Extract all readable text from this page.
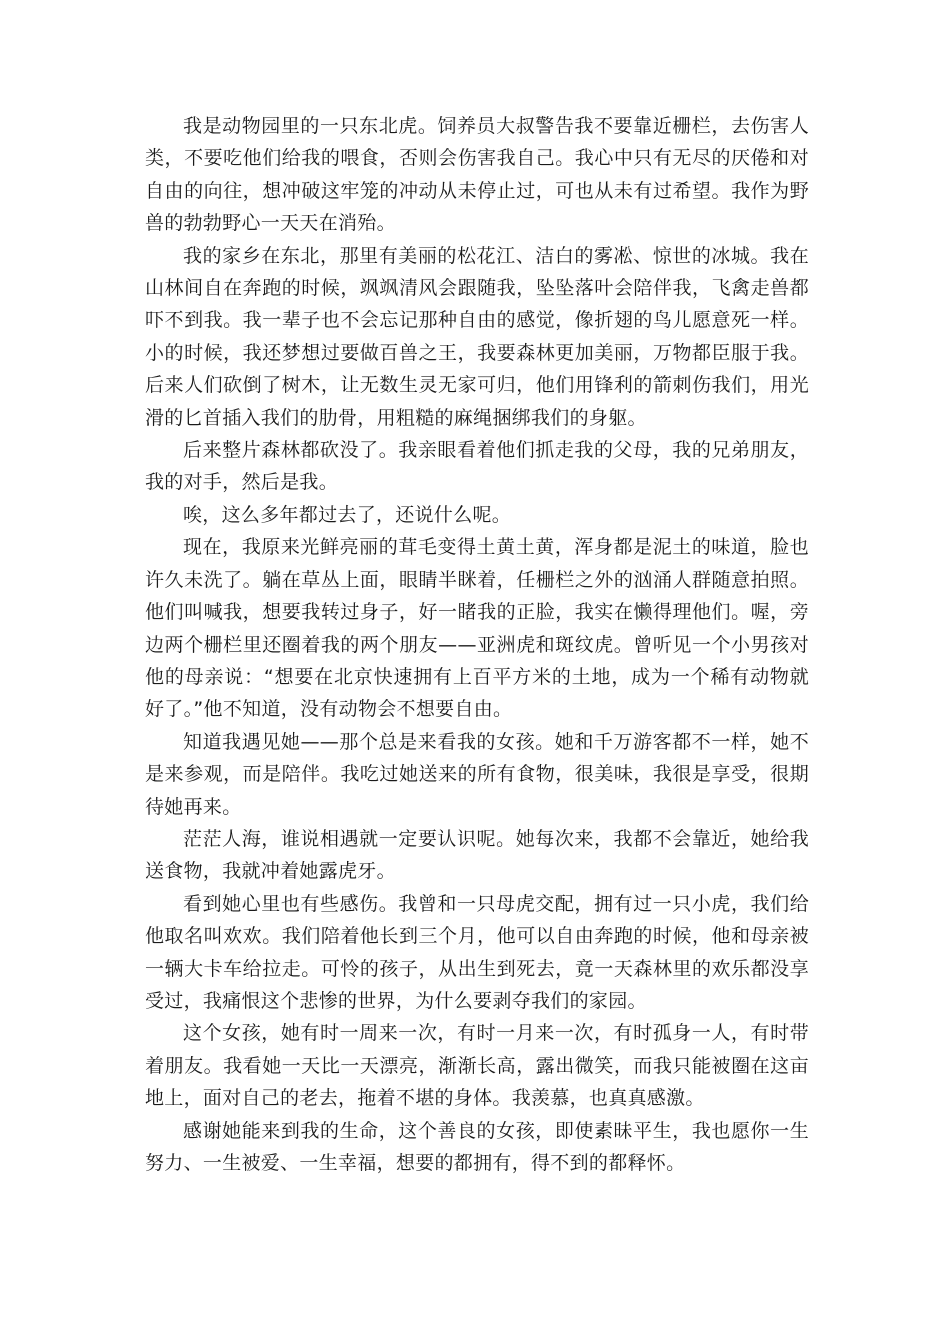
我是动物园里的一只东北虎。饲养员大叔警告我不要靠近栅栏，去伤害人类，不要吃他们给我的喂食，否则会伤害我自己。我心中只有无尽的厌倦和对自由的向往，想冲破这牢笼的冲动从未停止过，可也从未有过希望。我作为野兽的勃勃野心一天天在消殆。

我的家乡在东北，那里有美丽的松花江、洁白的雾凇、惊世的冰城。我在山林间自在奔跑的时候，飒飒清风会跟随我，坠坠落叶会陪伴我，飞禽走兽都吓不到我。我一辈子也不会忘记那种自由的感觉，像折翅的鸟儿愿意死一样。小的时候，我还梦想过要做百兽之王，我要森林更加美丽，万物都臣服于我。后来人们砍倒了树木，让无数生灵无家可归，他们用锋利的箭刺伤我们，用光滑的匕首插入我们的肋骨，用粗糙的麻绳捆绑我们的身躯。

后来整片森林都砍没了。我亲眼看着他们抓走我的父母，我的兄弟朋友，我的对手，然后是我。

唉，这么多年都过去了，还说什么呢。

现在，我原来光鲜亮丽的茸毛变得土黄土黄，浑身都是泥土的味道，脸也许久未洗了。躺在草丛上面，眼睛半眯着，任栅栏之外的汹涌人群随意拍照。他们叫喊我，想要我转过身子，好一睹我的正脸，我实在懒得理他们。喔，旁边两个栅栏里还圈着我的两个朋友——亚洲虎和斑纹虎。曾听见一个小男孩对他的母亲说：“想要在北京快速拥有上百平方米的土地，成为一个稀有动物就好了。”他不知道，没有动物会不想要自由。

知道我遇见她——那个总是来看我的女孩。她和千万游客都不一样，她不是来参观，而是陪伴。我吃过她送来的所有食物，很美味，我很是享受，很期待她再来。

茫茫人海，谁说相遇就一定要认识呢。她每次来，我都不会靠近，她给我送食物，我就冲着她露虎牙。

看到她心里也有些感伤。我曾和一只母虎交配，拥有过一只小虎，我们给他取名叫欢欢。我们陪着他长到三个月，他可以自由奔跑的时候，他和母亲被一辆大卡车给拉走。可怜的孩子，从出生到死去，竟一天森林里的欢乐都没享受过，我痛恨这个悲惨的世界，为什么要剥夺我们的家园。

这个女孩，她有时一周来一次，有时一月来一次，有时孤身一人，有时带着朋友。我看她一天比一天漂亮，渐渐长高，露出微笑，而我只能被圈在这亩地上，面对自己的老去，拖着不堪的身体。我羡慕，也真真感激。

感谢她能来到我的生命，这个善良的女孩，即使素昧平生，我也愿你一生努力、一生被爱、一生幸福，想要的都拥有，得不到的都释怀。
